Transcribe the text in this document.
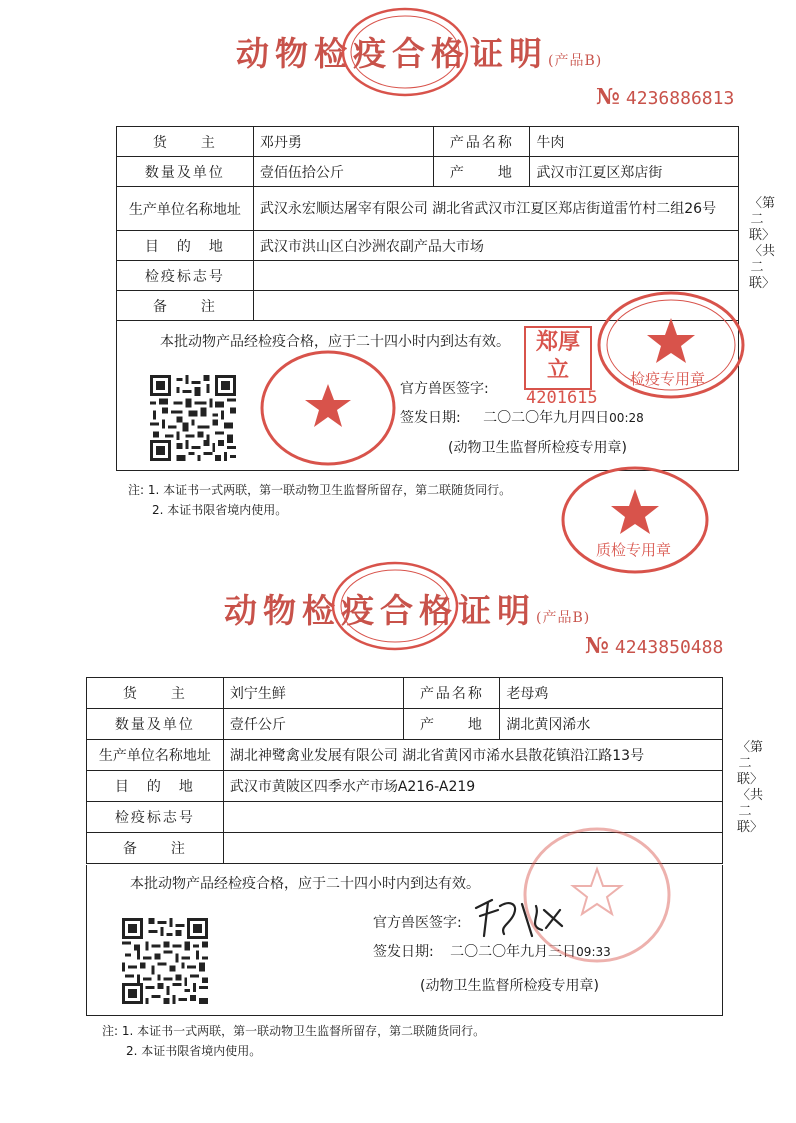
动物检疫合格证明(产品B)
№ 4236886813
货　　主	邓丹勇	产品名称	牛肉
数量及单位	壹佰伍拾公斤	产　　地	武汉市江夏区郑店街
生产单位名称地址	武汉永宏顺达屠宰有限公司 湖北省武汉市江夏区郑店街道雷竹村二组26号		
目　的　地	武汉市洪山区白沙洲农副产品大市场		
检疫标志号			
备　　注			
本批动物产品经检疫合格，应于二十四小时内到达有效。
官方兽医签字:
签发日期: 二〇二〇年九月四日00:28
(动物卫生监督所检疫专用章)
注: 1. 本证书一式两联，第一联动物卫生监督所留存，第二联随货同行。
2. 本证书限省境内使用。
〈第二联〉〈共二联〉
郑厚立
4201615
检疫专用章
质检专用章
动物检疫合格证明(产品B)
№ 4243850488
货　　主	刘宁生鲜	产品名称	老母鸡
数量及单位	壹仟公斤	产　　地	湖北黄冈浠水
生产单位名称地址	湖北神鹭禽业发展有限公司 湖北省黄冈市浠水县散花镇沿江路13号		
目　的　地	武汉市黄陂区四季水产市场A216-A219		
检疫标志号			
备　　注			
本批动物产品经检疫合格，应于二十四小时内到达有效。
官方兽医签字:
签发日期: 二〇二〇年九月三日09:33
(动物卫生监督所检疫专用章)
注: 1. 本证书一式两联，第一联动物卫生监督所留存，第二联随货同行。
2. 本证书限省境内使用。
〈第二联〉〈共二联〉
